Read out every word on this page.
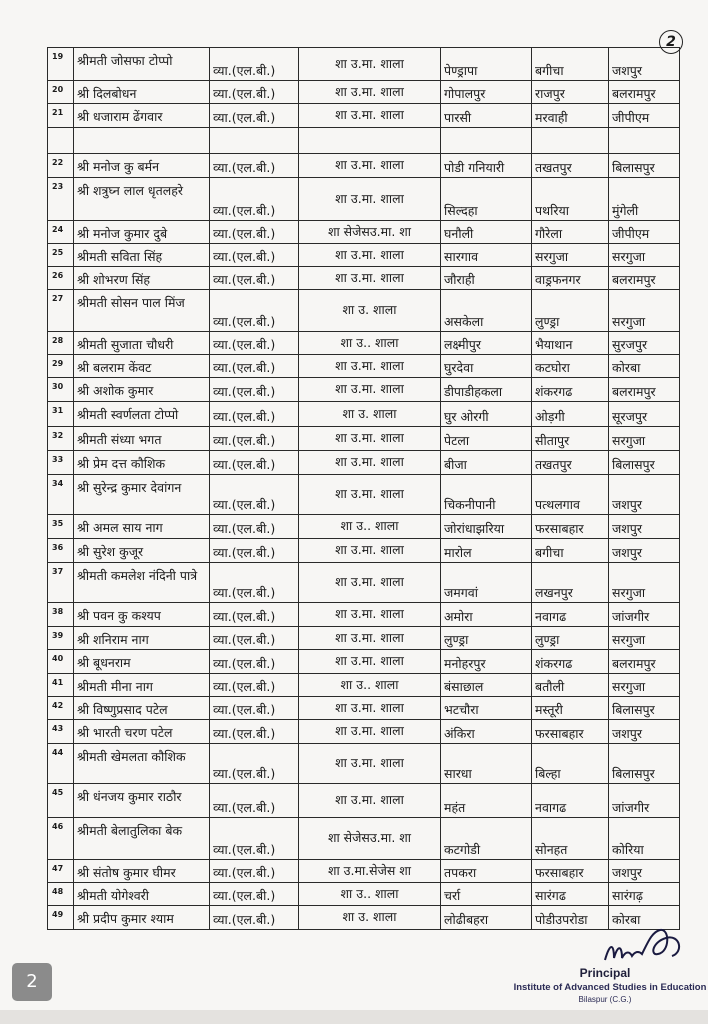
2
19	श्रीमती जोसफा टोप्पो	व्या.(एल.बी.)	शा उ.मा. शाला	पेण्ड्रापा	बगीचा	जशपुर
20	श्री दिलबोधन	व्या.(एल.बी.)	शा उ.मा. शाला	गोपालपुर	राजपुर	बलरामपुर
21	श्री धजाराम ढेंगवार	व्या.(एल.बी.)	शा उ.मा. शाला	पारसी	मरवाही	जीपीएम

22	श्री मनोज कु बर्मन	व्या.(एल.बी.)	शा उ.मा. शाला	पोडी गनियारी	तखतपुर	बिलासपुर
23	श्री शत्रुघ्न लाल धृतलहरे	व्या.(एल.बी.)	शा उ.मा. शाला	सिल्दहा	पथरिया	मुंगेली
24	श्री मनोज कुमार दुबे	व्या.(एल.बी.)	शा सेजेसउ.मा. शा	घनौली	गौरेला	जीपीएम
25	श्रीमती सविता सिंह	व्या.(एल.बी.)	शा उ.मा. शाला	सारगाव	सरगुजा	सरगुजा
26	श्री शोभरण सिंह	व्या.(एल.बी.)	शा उ.मा. शाला	जौराही	वाड्रफनगर	बलरामपुर
27	श्रीमती सोसन पाल मिंज	व्या.(एल.बी.)	शा उ. शाला	असकेला	लुण्ड्रा	सरगुजा
28	श्रीमती सुजाता चौधरी	व्या.(एल.बी.)	शा उ.. शाला	लक्ष्मीपुर	भैयाथान	सुरजपुर
29	श्री बलराम केंवट	व्या.(एल.बी.)	शा उ.मा. शाला	घुरदेवा	कटघोरा	कोरबा
30	श्री अशोक कुमार	व्या.(एल.बी.)	शा उ.मा. शाला	डीपाडीहकला	शंकरगढ	बलरामपुर
31	श्रीमती स्वर्णलता टोप्पो	व्या.(एल.बी.)	शा उ. शाला	घुर ओरगी	ओड़गी	सूरजपुर
32	श्रीमती संध्या भगत	व्या.(एल.बी.)	शा उ.मा. शाला	पेटला	सीतापुर	सरगुजा
33	श्री प्रेम दत्त कौशिक	व्या.(एल.बी.)	शा उ.मा. शाला	बीजा	तखतपुर	बिलासपुर
34	श्री सुरेन्द्र कुमार देवांगन	व्या.(एल.बी.)	शा उ.मा. शाला	चिकनीपानी	पत्थलगाव	जशपुर
35	श्री अमल साय नाग	व्या.(एल.बी.)	शा उ.. शाला	जोरांधाझरिया	फरसाबहार	जशपुर
36	श्री सुरेश कुजूर	व्या.(एल.बी.)	शा उ.मा. शाला	मारोल	बगीचा	जशपुर
37	श्रीमती कमलेश नंदिनी पात्रे	व्या.(एल.बी.)	शा उ.मा. शाला	जमगवां	लखनपुर	सरगुजा
38	श्री पवन कु कश्यप	व्या.(एल.बी.)	शा उ.मा. शाला	अमोरा	नवागढ	जांजगीर
39	श्री शनिराम नाग	व्या.(एल.बी.)	शा उ.मा. शाला	लुण्ड्रा	लुण्ड्रा	सरगुजा
40	श्री बूधनराम	व्या.(एल.बी.)	शा उ.मा. शाला	मनोहरपुर	शंकरगढ	बलरामपुर
41	श्रीमती मीना नाग	व्या.(एल.बी.)	शा उ.. शाला	बंसाछाल	बतौली	सरगुजा
42	श्री विष्णुप्रसाद पटेल	व्या.(एल.बी.)	शा उ.मा. शाला	भटचौरा	मस्तूरी	बिलासपुर
43	श्री भारती चरण पटेल	व्या.(एल.बी.)	शा उ.मा. शाला	अंकिरा	फरसाबहार	जशपुर
44	श्रीमती खेमलता कौशिक	व्या.(एल.बी.)	शा उ.मा. शाला	सारधा	बिल्हा	बिलासपुर
45	श्री धंनजय कुमार राठौर	व्या.(एल.बी.)	शा उ.मा. शाला	महंत	नवागढ	जांजगीर
46	श्रीमती बेलातुलिका बेक	व्या.(एल.बी.)	शा सेजेसउ.मा. शा	कटगोडी	सोनहत	कोरिया
47	श्री संतोष कुमार घीमर	व्या.(एल.बी.)	शा उ.मा.सेजेस शा	तपकरा	फरसाबहार	जशपुर
48	श्रीमती योगेश्वरी	व्या.(एल.बी.)	शा उ.. शाला	चर्रा	सारंगढ	सारंगढ़
49	श्री प्रदीप कुमार श्याम	व्या.(एल.बी.)	शा उ. शाला	लोढीबहरा	पोडीउपरोडा	कोरबा
Principal
Institute of Advanced Studies in Education
Bilaspur (C.G.)
2
